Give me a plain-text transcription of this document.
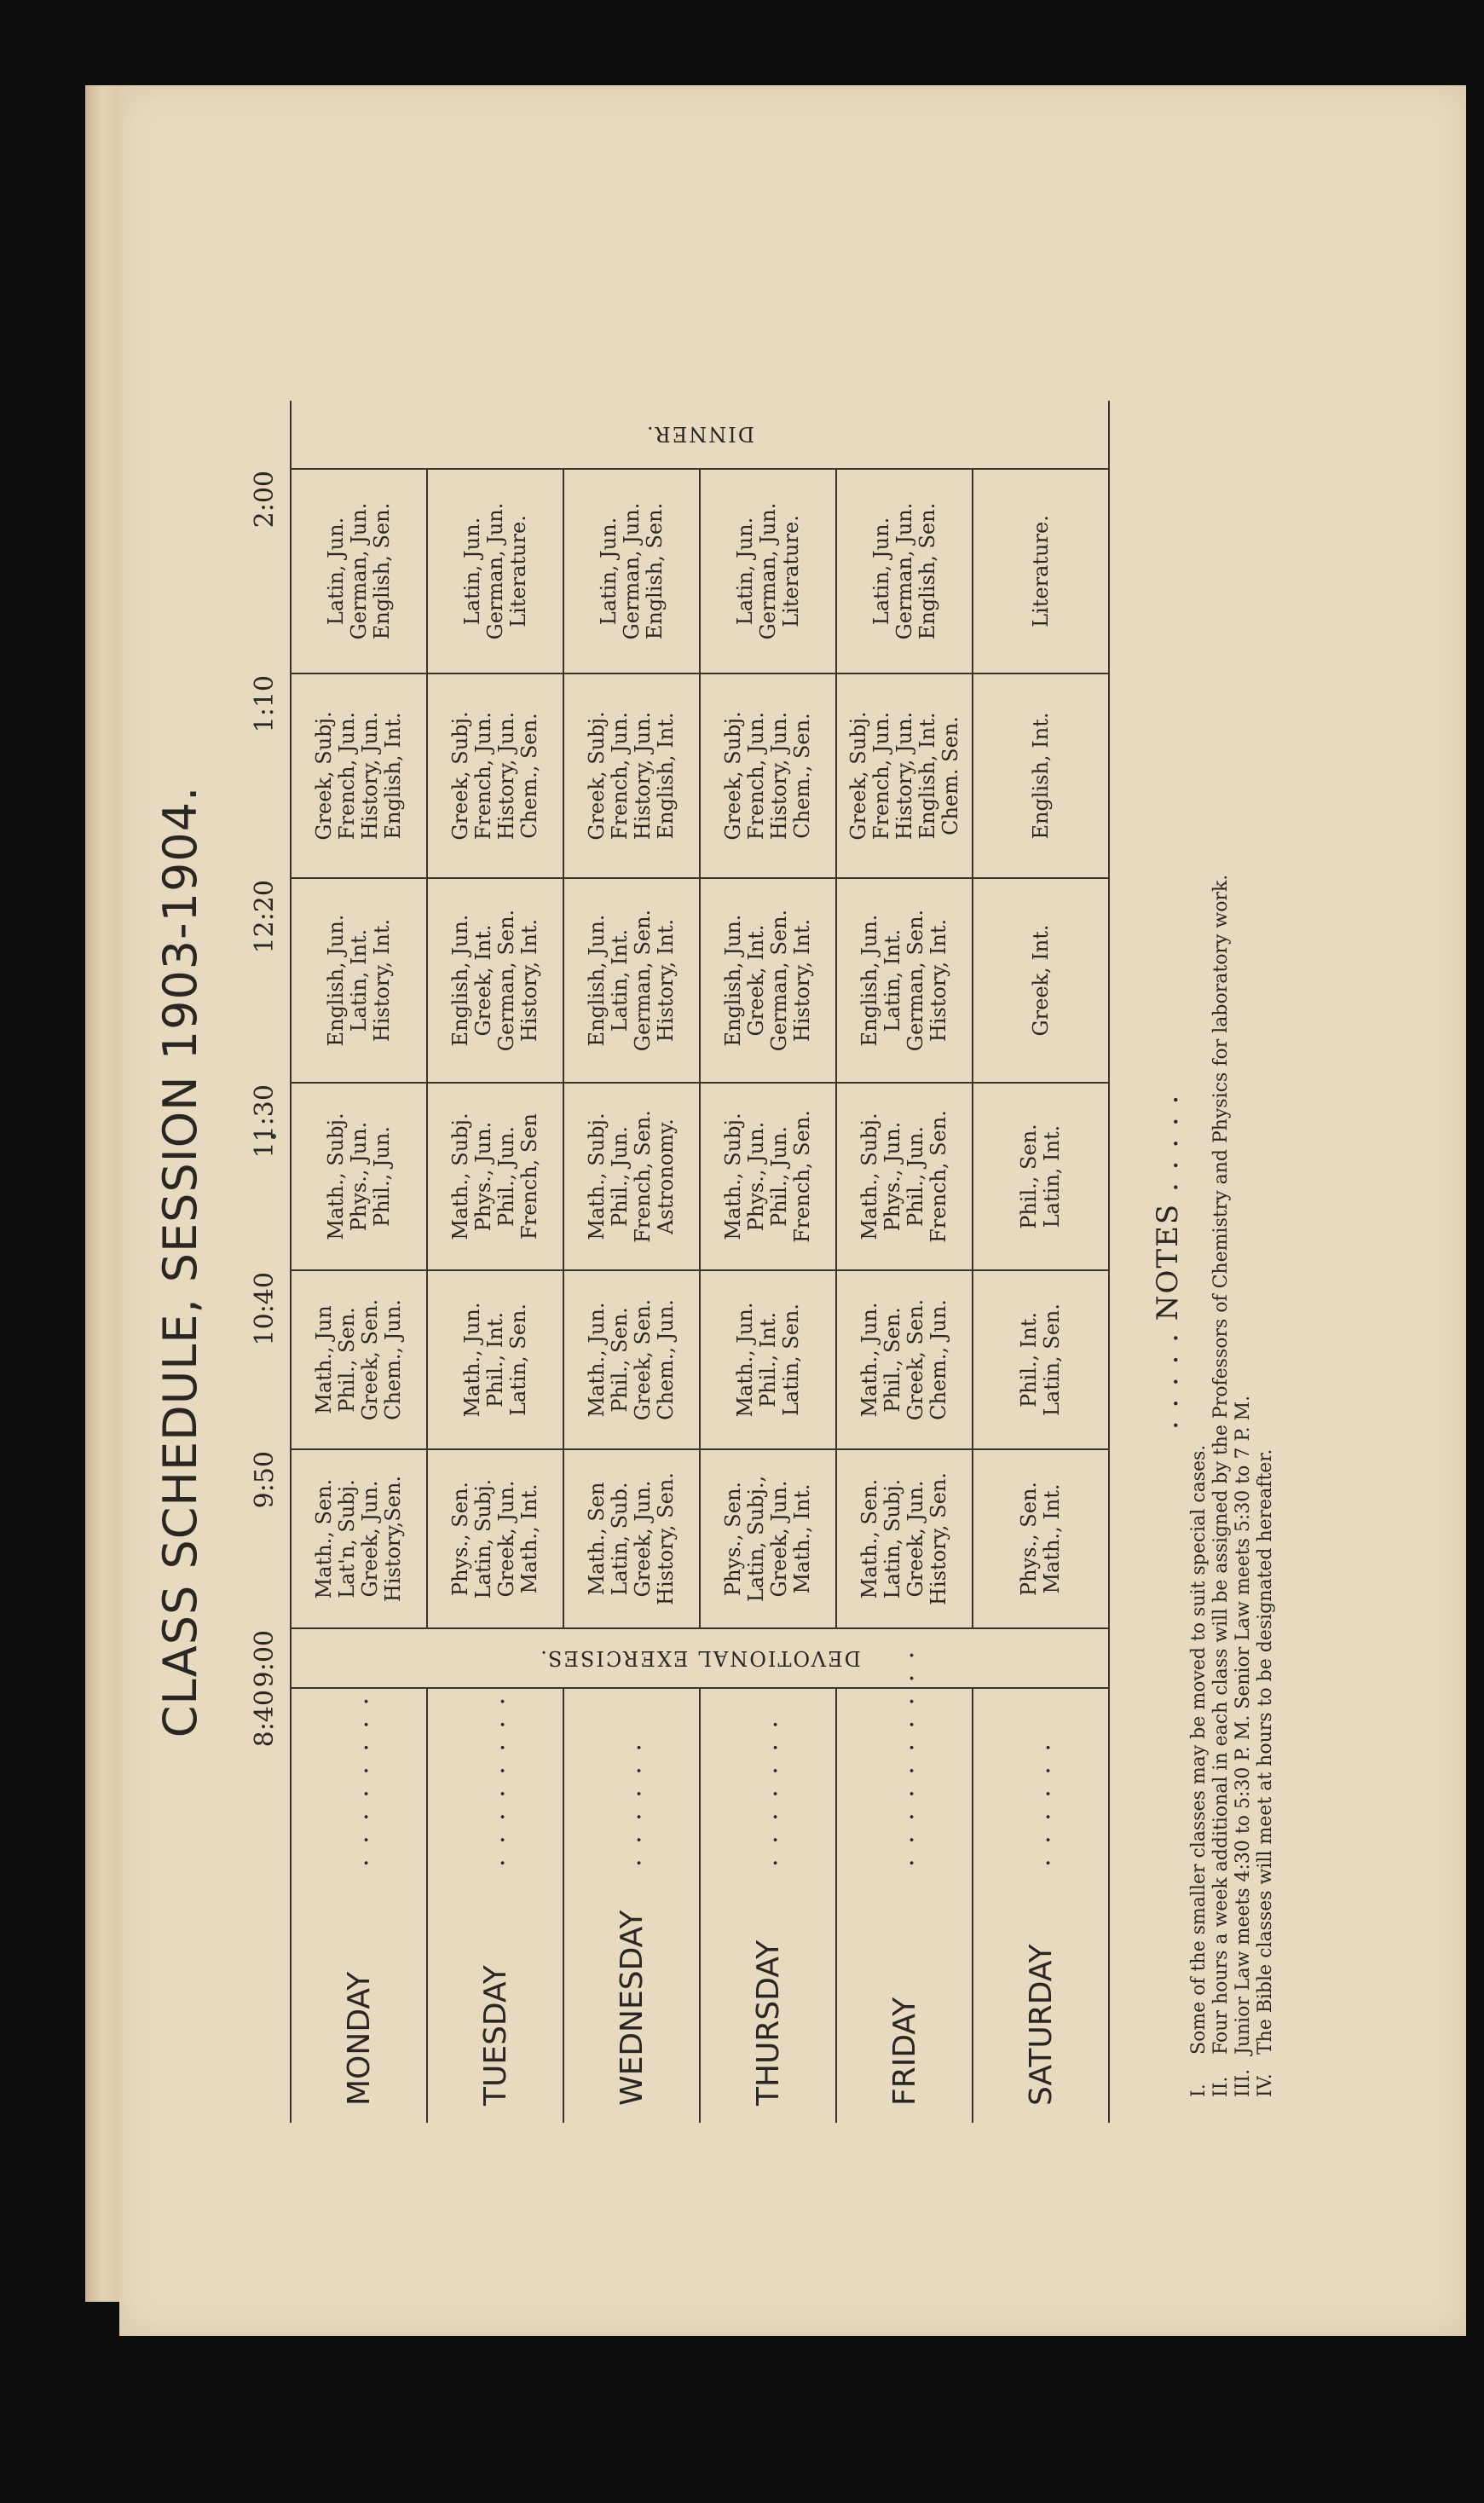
CLASS SCHEDULE, SESSION 1903-1904.
	8:40	9:00	9:50	10:40	11:30	12:20	1:10	2:00	
MONDAY	. . . . . . . .	DEVOTIONAL EXERCISES.	Math., Sen.
Lat'n, Subj.
Greek, Jun.
History,Sen.	Math., Jun
Phil., Sen.
Greek, Sen.
Chem., Jun.	Math., Subj.
Phys., Jun.
Phil., Jun.	English, Jun.
Latin, Int.
History, Int.	Greek, Subj.
French, Jun.
History, Jun.
English, Int.	Latin, Jun.
German, Jun.
English, Sen.	DINNER.

TUESDAY	. . . . . . . .		Phys., Sen.
Latin, Subj.
Greek, Jun.
Math., Int.	Math., Jun.
Phil., Int.
Latin, Sen.	Math., Subj.
Phys., Jun.
Phil., Jun.
French, Sen	English, Jun.
Greek, Int.
German, Sen.
History, Int.	Greek, Subj.
French, Jun.
History, Jun.
Chem., Sen.	Latin, Jun.
German, Jun.
Literature.	
WEDNESDAY	. . . . . .		Math., Sen
Latin, Sub.
Greek, Jun.
History, Sen.	Math., Jun.
Phil., Sen.
Greek, Sen.
Chem., Jun.	Math., Subj.
Phil., Jun.
French, Sen.
Astronomy.	English, Jun.
Latin, Int.
German, Sen.
History, Int.	Greek, Subj.
French, Jun.
History, Jun.
English, Int.	Latin, Jun.
German, Jun.
English, Sen.	
THURSDAY	. . . . . . .		Phys., Sen.
Latin, Subj.,
Greek, Jun.
Math., Int.	Math., Jun.
Phil., Int.
Latin, Sen.	Math., Subj.
Phys., Jun.
Phil., Jun.
French, Sen.	English, Jun.
Greek, Int.
German, Sen.
History, Int.	Greek, Subj.
French, Jun.
History, Jun.
Chem., Sen.	Latin, Jun.
German, Jun.
Literature.	
FRIDAY	. . . . . . . . . .		Math., Sen.
Latin, Subj.
Greek, Jun.
History, Sen.	Math., Jun.
Phil., Sen.
Greek, Sen.
Chem., Jun.	Math., Subj.
Phys., Jun.
Phil., Jun.
French, Sen.	English, Jun.
Latin, Int.
German, Sen.
History, Int.	Greek, Subj.
French, Jun.
History, Jun.
English, Int.
Chem. Sen.	Latin, Jun.
German, Jun.
English, Sen.	
SATURDAY	. . . . . .		Phys., Sen.
Math., Int.	Phil., Int.
Latin, Sen.	Phil., Sen.
Latin, Int.	Greek, Int.	English, Int.	Literature.	
. . . . . NOTES . . . . .
I.Some of the smaller classes may be moved to suit special cases.
II.Four hours a week additional in each class will be assigned by the Professors of Chemistry and Physics for laboratory work.
III.Junior Law meets 4:30 to 5:30 P. M. Senior Law meets 5:30 to 7 P. M.
IV.The Bible classes will meet at hours to be designated hereafter.
